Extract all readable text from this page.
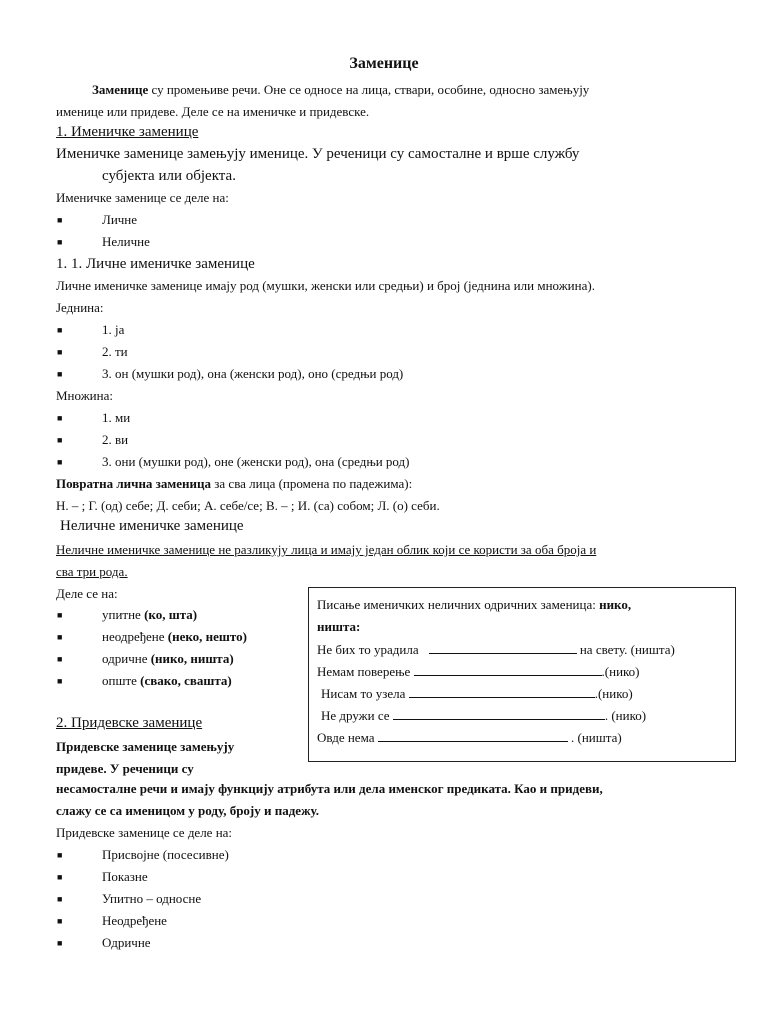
Заменице
Заменице су промењиве речи. Оне се односе на лица, ствари, особине, односно замењују
именице или придеве. Деле се на именичке и придевске.
1. Именичке заменице
Именичке заменице замењују именице. У реченици су самосталне и врше службу
субјекта или објекта.
Именичке заменице се деле на:
■	Личне
■	Неличне
1. 1. Личне именичке заменице
Личне именичке заменице имају род (мушки, женски или средњи) и број (једнина или множина).
Једнина:
■	1. ја
■	2. ти
■	3. он (мушки род), она (женски род), оно (средњи род)
Множина:
■	1. ми
■	2. ви
■	3. они (мушки род), оне (женски род), она (средњи род)
Повратна лична заменица за сва лица (промена по падежима):
Н. – ; Г. (од) себе; Д. себи; А. себе/се; В. – ; И. (са) собом; Л. (о) себи.
Неличне именичке заменице
Неличне именичке заменице не разликују лица и имају један облик који се користи за оба броја и
сва три рода.
Деле се на:
■	упитне (ко, шта)
■	неодређене (неко, нешто)
■	одричне (нико, ништа)
■	опште (свако, свашта)
Писање именичких неличних одричних заменица: нико,
ништа:
Не бих то урадила	на свету. (ништа)
Немам поверење	.(нико)
Нисам то узела	.(нико)
Не дружи се	. (нико)
Овде нема	. (ништа)
2. Придевске заменице
Придевске заменице замењују
придеве. У реченици су
несамосталне речи и имају функцију атрибута или дела именског предиката. Као и придеви,
слажу се са именицом у роду, броју и падежу.
Придевске заменице се деле на:
■	Присвојне (посесивне)
■	Показне
■	Упитно – односне
■	Неодређене
■	Одричне
